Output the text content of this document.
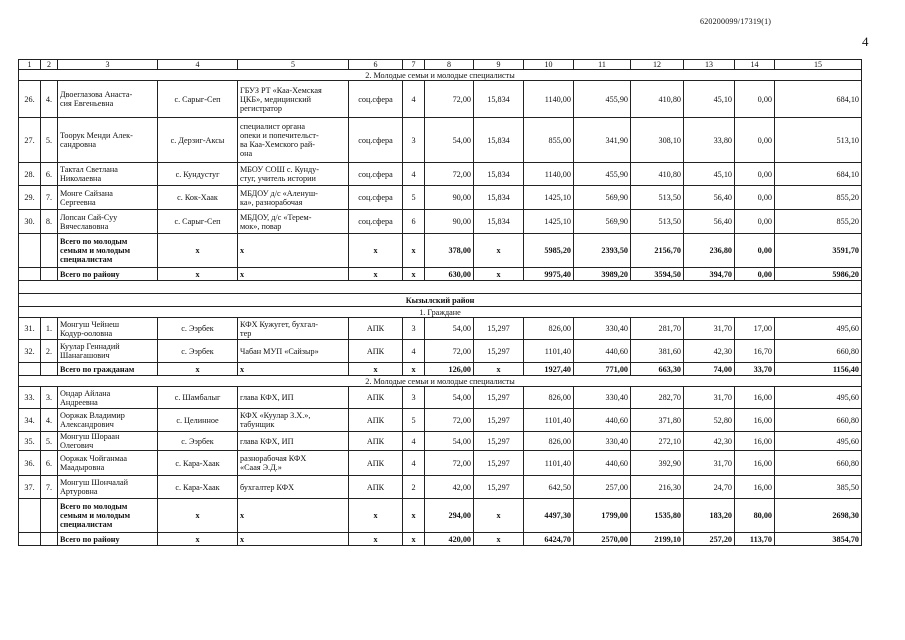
620200099/17319(1)
4
1	2	3	4	5	6	7	8	9	10	11	12	13	14	15
2. Молодые семьи и молодые специалисты														
26.	4.	Двоеглазова Анаста-
сия Евгеньевна	с. Сарыг-Сеп	ГБУЗ РТ «Каа-Хемская
ЦКБ», медицинский
регистратор	соц.сфера	4	72,00	15,834	1140,00	455,90	410,80	45,10	0,00	684,10
27.	5.	Тоорук Менди Алек-
сандровна	с. Дерзиг-Аксы	специалист органа
опеки и попечительст-
ва Каа-Хемского рай-
она	соц.сфера	3	54,00	15,834	855,00	341,90	308,10	33,80	0,00	513,10
28.	6.	Тактал Светлана
Николаевна	с. Кундустуг	МБОУ СОШ с. Кунду-
стуг, учитель истории	соц.сфера	4	72,00	15,834	1140,00	455,90	410,80	45,10	0,00	684,10
29.	7.	Монге Сайзана
Сергеевна	с. Кок-Хаак	МБДОУ д/с «Аленуш-
ка», разнорабочая	соц.сфера	5	90,00	15,834	1425,10	569,90	513,50	56,40	0,00	855,20
30.	8.	Лопсан Сай-Суу
Вячеславовна	с. Сарыг-Сеп	МБДОУ, д/с «Терем-
мок», повар	соц.сфера	6	90,00	15,834	1425,10	569,90	513,50	56,40	0,00	855,20
		Всего по молодым
семьям и молодым
специалистам	x	x	x	x	378,00	x	5985,20	2393,50	2156,70	236,80	0,00	3591,70
		Всего по району	x	x	x	x	630,00	x	9975,40	3989,20	3594,50	394,70	0,00	5986,20

Кызылский район														
1. Граждане														
31.	1.	Монгуш Чейнеш
Кодур-ооловна	с. Ээрбек	КФХ Кужугет, бухгал-
тер	АПК	3	54,00	15,297	826,00	330,40	281,70	31,70	17,00	495,60
32.	2.	Куулар Геннадий
Шанагашович	с. Ээрбек	Чабан МУП «Сайзыр»	АПК	4	72,00	15,297	1101,40	440,60	381,60	42,30	16,70	660,80
		Всего по гражданам	x	x	x	x	126,00	x	1927,40	771,00	663,30	74,00	33,70	1156,40
2. Молодые семьи и молодые специалисты														
33.	3.	Ондар Айлана
Андреевна	с. Шамбалыг	глава КФХ, ИП	АПК	3	54,00	15,297	826,00	330,40	282,70	31,70	16,00	495,60
34.	4.	Ооржак Владимир
Александрович	с. Целинное	КФХ «Куулар З.Х.»,
табунщик	АПК	5	72,00	15,297	1101,40	440,60	371,80	52,80	16,00	660,80
35.	5.	Монгуш Шораан
Олегович	с. Ээрбек	глава КФХ, ИП	АПК	4	54,00	15,297	826,00	330,40	272,10	42,30	16,00	495,60
36.	6.	Ооржак Чойганмаа
Маадыровна	с. Кара-Хаак	разнорабочая КФХ
«Саая Э.Д.»	АПК	4	72,00	15,297	1101,40	440,60	392,90	31,70	16,00	660,80
37.	7.	Монгуш Шончалай
Артуровна	с. Кара-Хаак	бухгалтер КФХ	АПК	2	42,00	15,297	642,50	257,00	216,30	24,70	16,00	385,50
		Всего по молодым
семьям и молодым
специалистам	x	x	x	x	294,00	x	4497,30	1799,00	1535,80	183,20	80,00	2698,30
		Всего по району	x	x	x	x	420,00	x	6424,70	2570,00	2199,10	257,20	113,70	3854,70
